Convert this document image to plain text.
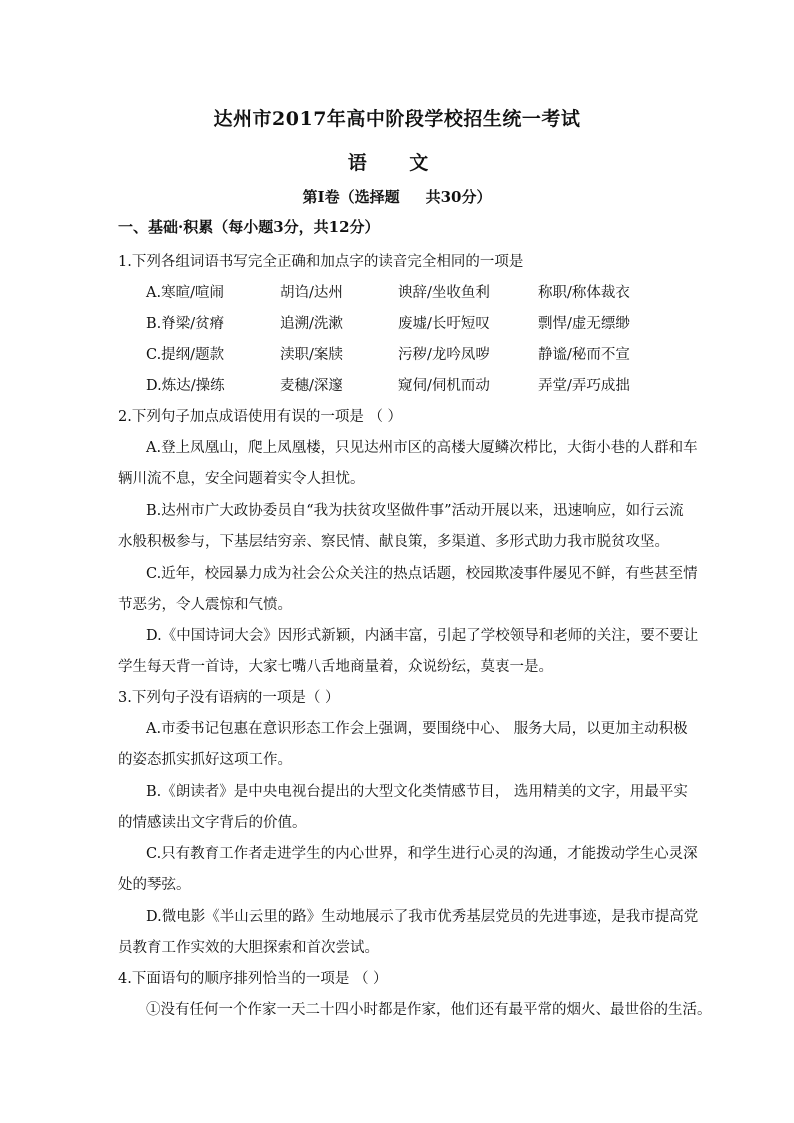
达州市2017年高中阶段学校招生统一考试
语 文
第Ⅰ卷（选择题 共30分）
一、基础·积累（每小题3分，共12分）
1.下列各组词语书写完全正确和加点字的读音完全相同的一项是
A.寒暄/喧闹	胡诌/达州	谀辞/坐收鱼利	称职/称体裁衣
B.脊梁/贫瘠	追溯/洗漱	废墟/长吁短叹	剽悍/虚无缥缈
C.提纲/题款	渎职/案牍	污秽/龙吟凤哕	静谧/秘而不宣
D.炼达/操练	麦穗/深邃	窥伺/伺机而动	弄堂/弄巧成拙
2.下列句子加点成语使用有误的一项是 （ ）
A.登上凤凰山，爬上凤凰楼，只见达州市区的高楼大厦鳞次栉比，大街小巷的人群和车
辆川流不息，安全问题着实令人担忧。
B.达州市广大政协委员自“我为扶贫攻坚做件事”活动开展以来，迅速响应，如行云流
水般积极参与，下基层结穷亲、察民情、献良策，多渠道、多形式助力我市脱贫攻坚。
C.近年，校园暴力成为社会公众关注的热点话题，校园欺凌事件屡见不鲜，有些甚至情
节恶劣，令人震惊和气愤。
D.《中国诗词大会》因形式新颖，内涵丰富，引起了学校领导和老师的关注，要不要让
学生每天背一首诗，大家七嘴八舌地商量着，众说纷纭，莫衷一是。
3.下列句子没有语病的一项是（ ）
A.市委书记包惠在意识形态工作会上强调，要围绕中心、 服务大局，以更加主动积极
的姿态抓实抓好这项工作。
B.《朗读者》是中央电视台提出的大型文化类情感节目， 选用精美的文字，用最平实
的情感读出文字背后的价值。
C.只有教育工作者走进学生的内心世界，和学生进行心灵的沟通，才能拨动学生心灵深
处的琴弦。
D.微电影《半山云里的路》生动地展示了我市优秀基层党员的先进事迹，是我市提高党
员教育工作实效的大胆探索和首次尝试。
4.下面语句的顺序排列恰当的一项是 （ ）
①没有任何一个作家一天二十四小时都是作家，他们还有最平常的烟火、最世俗的生活。
